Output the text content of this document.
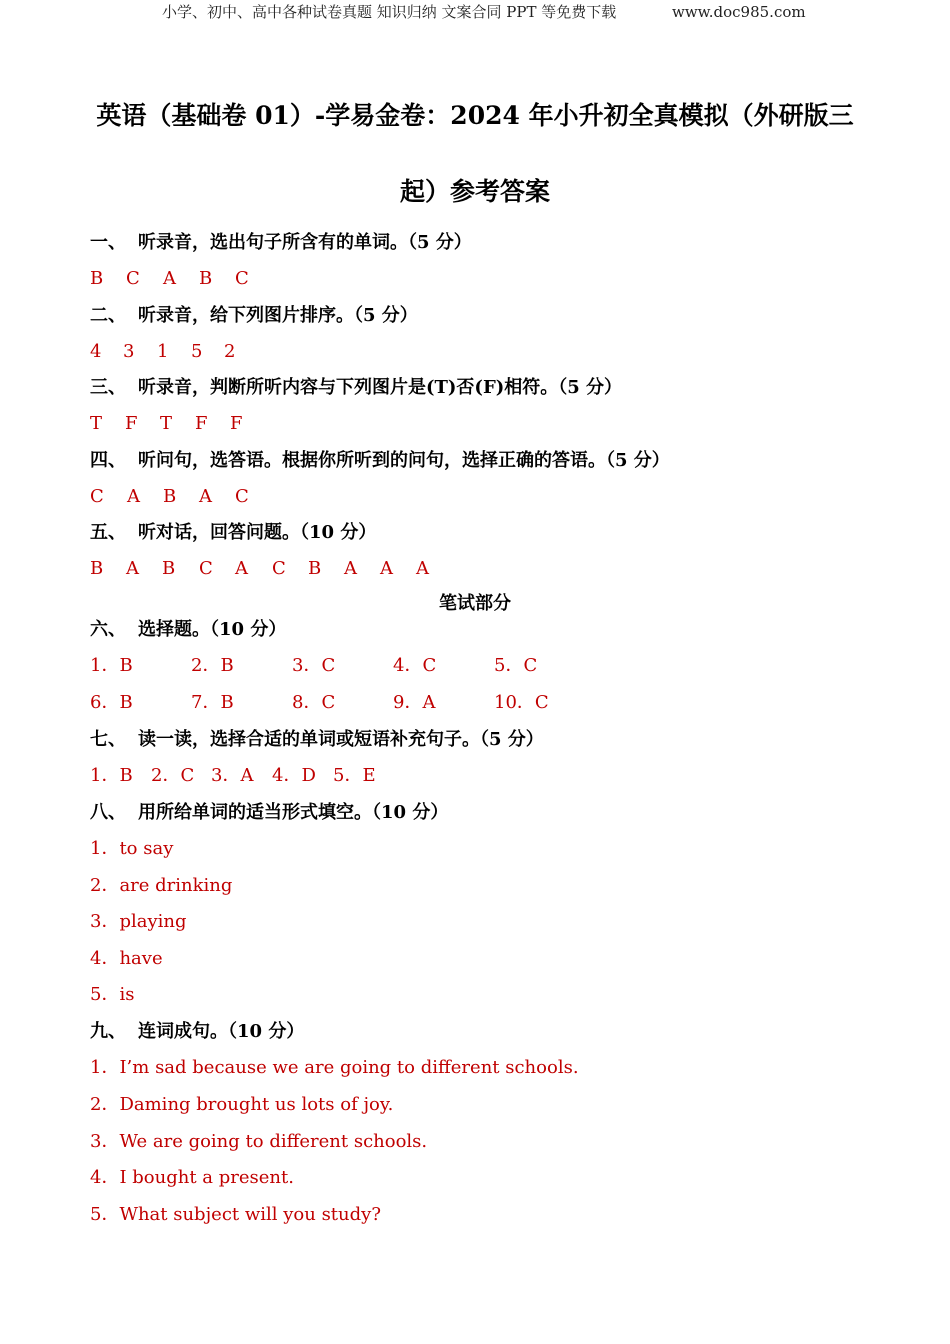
小学、初中、高中各种试卷真题 知识归纳 文案合同 PPT 等免费下载	www.doc985.com
英语（基础卷 01）-学易金卷：2024 年小升初全真模拟（外研版三
起）参考答案
一、 听录音，选出句子所含有的单词。（5 分）
B C A B C
二、 听录音，给下列图片排序。（5 分）
4 3 1 5 2
三、 听录音，判断所听内容与下列图片是(T)否(F)相符。（5 分）
T F T F F
四、 听问句，选答语。根据你所听到的问句，选择正确的答语。（5 分）
C A B A C
五、 听对话，回答问题。（10 分）
B A B C A C B A A A
笔试部分
六、 选择题。（10 分）
1．B	2．B	3．C	4．C	5．C
6．B	7．B	8．C	9．A	10．C
七、 读一读，选择合适的单词或短语补充句子。（5 分）
1．B 2．C 3．A 4．D 5．E
八、 用所给单词的适当形式填空。（10 分）
1．to say
2．are drinking
3．playing
4．have
5．is
九、 连词成句。（10 分）
1．I’m sad because we are going to different schools.
2．Daming brought us lots of joy.
3．We are going to different schools.
4．I bought a present.
5．What subject will you study?
